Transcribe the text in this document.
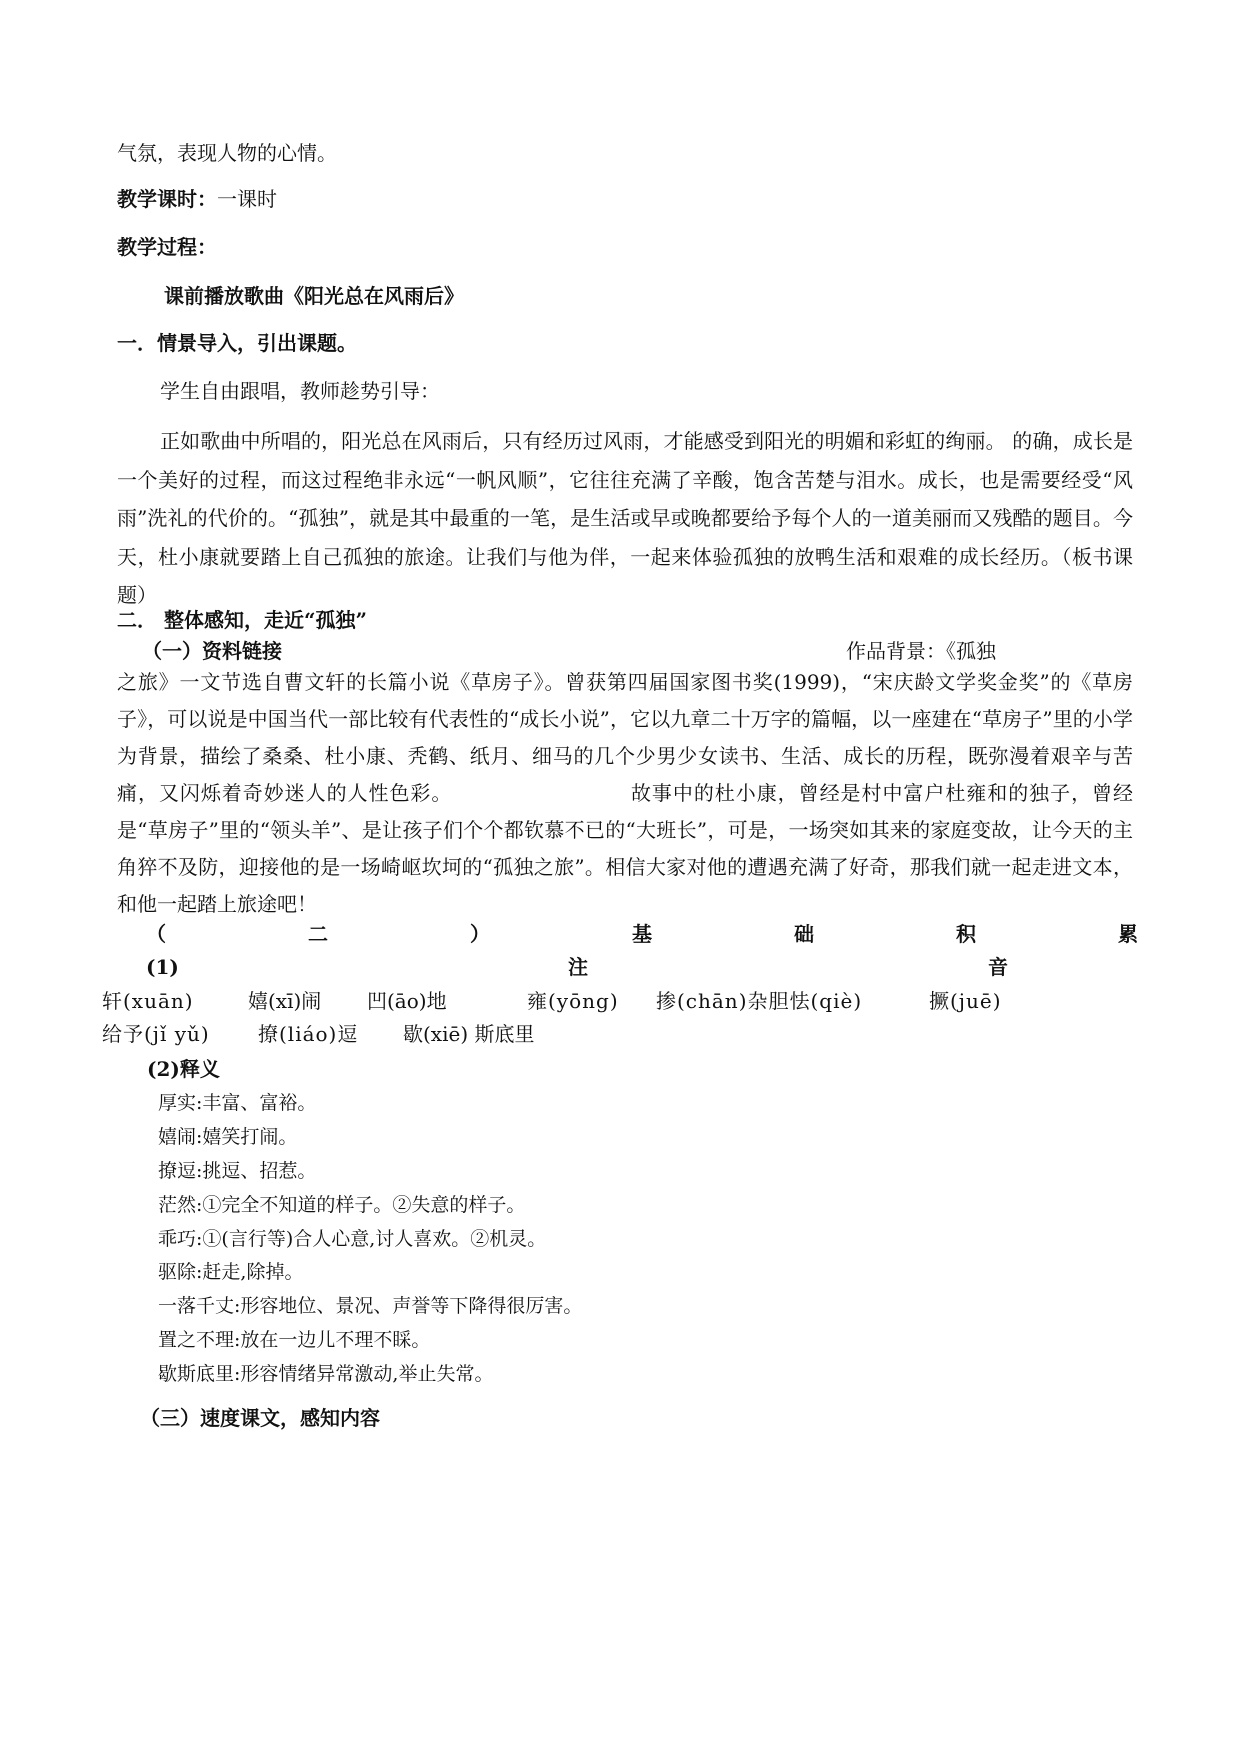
气氛，表现人物的心情。
教学课时：一课时
教学过程：
课前播放歌曲《阳光总在风雨后》
一．情景导入，引出课题。
学生自由跟唱，教师趁势引导：
正如歌曲中所唱的，阳光总在风雨后，只有经历过风雨，才能感受到阳光的明媚和彩虹的绚丽。 的确，成长是一个美好的过程，而这过程绝非永远“一帆风顺”，它往往充满了辛酸，饱含苦楚与泪水。成长，也是需要经受“风雨”洗礼的代价的。“孤独”，就是其中最重的一笔，是生活或早或晚都要给予每个人的一道美丽而又残酷的题目。今天，杜小康就要踏上自己孤独的旅途。让我们与他为伴，一起来体验孤独的放鸭生活和艰难的成长经历。（板书课题）
二． 整体感知，走近“孤独”
（一）资料链接	作品背景：《孤独
之旅》一文节选自曹文轩的长篇小说《草房子》。曾获第四届国家图书奖(1999)，“宋庆龄文学奖金奖”的《草房子》，可以说是中国当代一部比较有代表性的“成长小说”，它以九章二十万字的篇幅，以一座建在“草房子”里的小学为背景，描绘了桑桑、杜小康、秃鹤、纸月、细马的几个少男少女读书、生活、成长的历程，既弥漫着艰辛与苦痛，又闪烁着奇妙迷人的人性色彩。　　　　　　　　　故事中的杜小康，曾经是村中富户杜雍和的独子，曾经是“草房子”里的“领头羊”、是让孩子们个个都钦慕不已的“大班长”，可是，一场突如其来的家庭变故，让今天的主角猝不及防，迎接他的是一场崎岖坎坷的“孤独之旅”。相信大家对他的遭遇充满了好奇，那我们就一起走进文本，和他一起踏上旅途吧！
（	二	）	基	础	积	累
(1)	注	音
轩(xuān)	嬉(xī)闹 凹(āo)地	雍(yōng) 掺(chān)杂胆怯(qiè)	撅(juē)
给予(jǐ yǔ) 撩(liáo)逗 歇(xiē) 斯底里
(2)释义
厚实:丰富、富裕。
嬉闹:嬉笑打闹。
撩逗:挑逗、招惹。
茫然:①完全不知道的样子。②失意的样子。
乖巧:①(言行等)合人心意,讨人喜欢。②机灵。
驱除:赶走,除掉。
一落千丈:形容地位、景况、声誉等下降得很厉害。
置之不理:放在一边儿不理不睬。
歇斯底里:形容情绪异常激动,举止失常。
（三）速度课文，感知内容
